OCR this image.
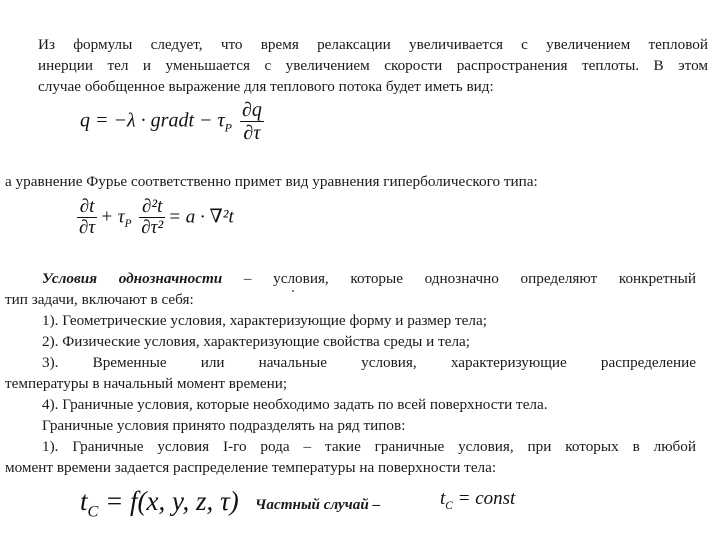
Из формулы следует, что время релаксации увеличивается с увеличением тепловой
инерции тел и уменьшается с увеличением скорости распространения теплоты. В этом
случае обобщенное выражение для теплового потока будет иметь вид:
q = −λ · gradt − $\tau_P \frac{\partial q}{\partial\tau}$
а уравнение Фурье соответственно примет вид уравнения гиперболического типа:
$\frac{\partial t}{\partial\tau} + \tau_P \frac{\text{∂²t}}{\text{∂τ²}} = a \cdot \nabla^2t$
Условия однозначности – условия, которые однозначно определяют конкретный
тип задачи, включают в себя:
1). Геометрические условия, характеризующие форму и размер тела;
2). Физические условия, характеризующие свойства среды и тела;
3). Временные или начальные условия, характеризующие распределение
температуры в начальный момент времени;
4). Граничные условия, которые необходимо задать по всей поверхности тела.
Граничные условия принято подразделять на ряд типов:
1). Граничные условия I-го рода – такие граничные условия, при которых в любой
момент времени задается распределение температуры на поверхности тела:
$t_C = f(x$, y, z, τ) Частный случай –	$t_C$ = const
